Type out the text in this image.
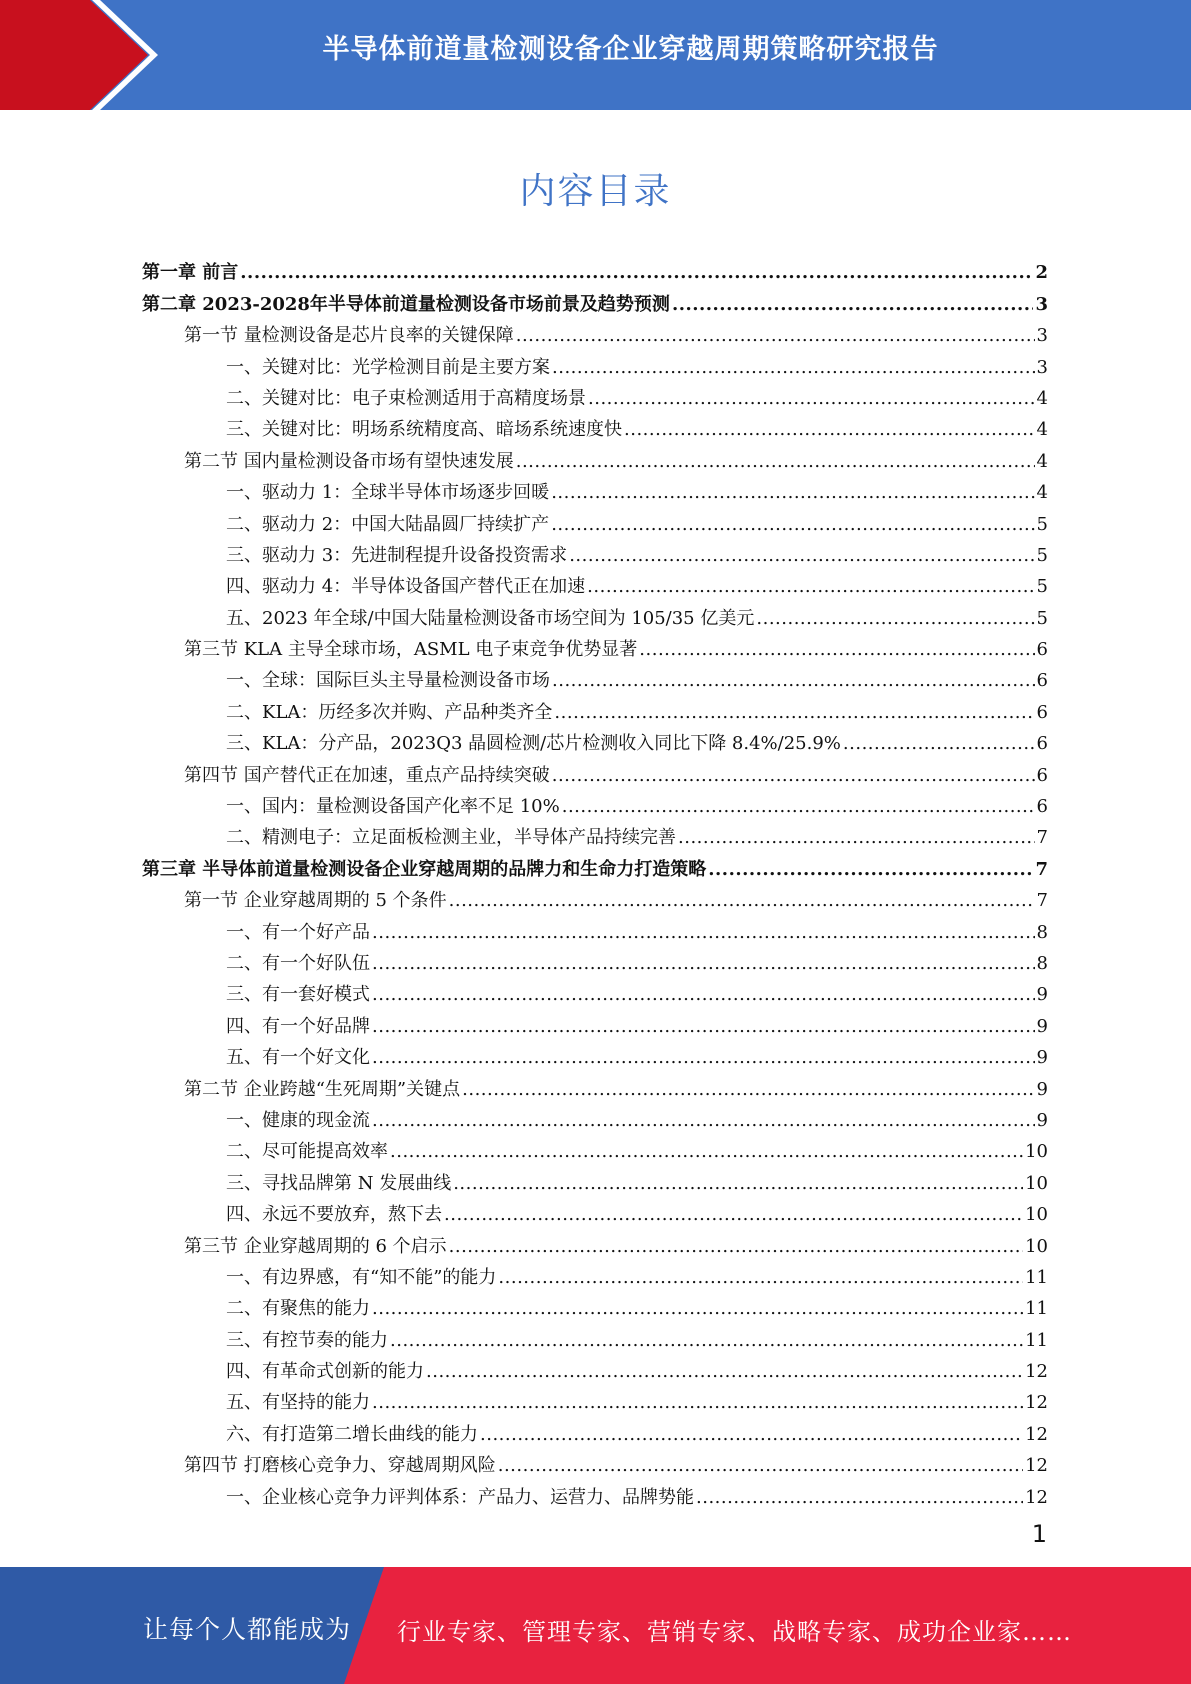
半导体前道量检测设备企业穿越周期策略研究报告
内容目录
第一章 前言 .....	2
第二章 2023-2028年半导体前道量检测设备市场前景及趋势预测 .....	3
第一节 量检测设备是芯片良率的关键保障 .....	3
一、关键对比：光学检测目前是主要方案 .....	3
二、关键对比：电子束检测适用于高精度场景 .....	4
三、关键对比：明场系统精度高、暗场系统速度快 .....	4
第二节 国内量检测设备市场有望快速发展 .....	4
一、驱动力 1：全球半导体市场逐步回暖 .....	4
二、驱动力 2：中国大陆晶圆厂持续扩产 .....	5
三、驱动力 3：先进制程提升设备投资需求 .....	5
四、驱动力 4：半导体设备国产替代正在加速 .....	5
五、2023 年全球/中国大陆量检测设备市场空间为 105/35 亿美元 .....	5
第三节 KLA 主导全球市场，ASML 电子束竞争优势显著 .....	6
一、全球：国际巨头主导量检测设备市场 .....	6
二、KLA：历经多次并购、产品种类齐全 .....	6
三、KLA：分产品，2023Q3 晶圆检测/芯片检测收入同比下降 8.4%/25.9% .....	6
第四节 国产替代正在加速，重点产品持续突破 .....	6
一、国内：量检测设备国产化率不足 10% .....	6
二、精测电子：立足面板检测主业，半导体产品持续完善 .....	7
第三章 半导体前道量检测设备企业穿越周期的品牌力和生命力打造策略 .....	7
第一节 企业穿越周期的 5 个条件 .....	7
一、有一个好产品 .....	8
二、有一个好队伍 .....	8
三、有一套好模式 .....	9
四、有一个好品牌 .....	9
五、有一个好文化 .....	9
第二节 企业跨越“生死周期”关键点 .....	9
一、健康的现金流 .....	9
二、尽可能提高效率 .....	10
三、寻找品牌第 N 发展曲线 .....	10
四、永远不要放弃，熬下去 .....	10
第三节 企业穿越周期的 6 个启示 .....	10
一、有边界感，有“知不能”的能力 .....	11
二、有聚焦的能力 .....	11
三、有控节奏的能力 .....	11
四、有革命式创新的能力 .....	12
五、有坚持的能力 .....	12
六、有打造第二增长曲线的能力 .....	12
第四节 打磨核心竞争力、穿越周期风险 .....	12
一、企业核心竞争力评判体系：产品力、运营力、品牌势能 .....	12
1
让每个人都能成为 行业专家、管理专家、营销专家、战略专家、成功企业家……
